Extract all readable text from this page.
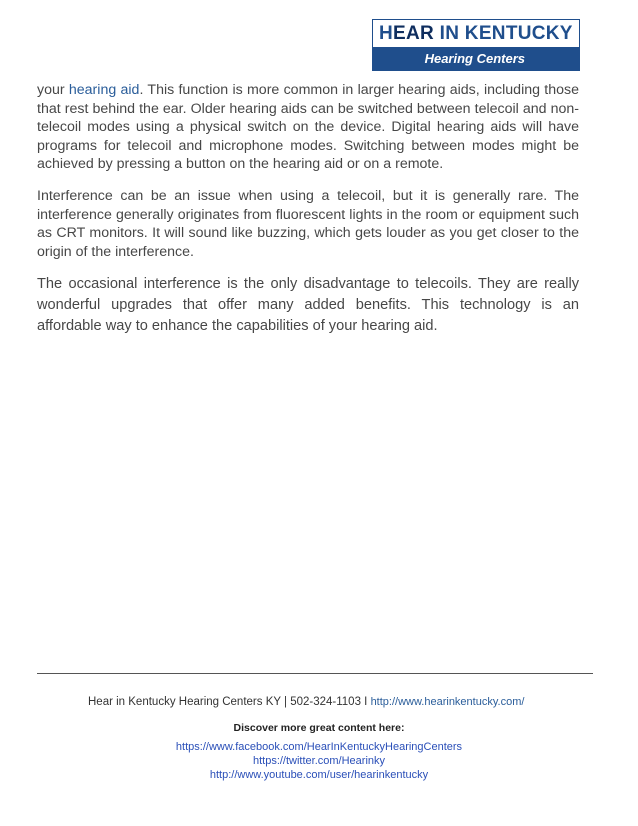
HEAR IN KENTUCKY
Hearing Centers

your hearing aid. This function is more common in larger hearing aids, including those that rest behind the ear. Older hearing aids can be switched between telecoil and non-telecoil modes using a physical switch on the device. Digital hearing aids will have programs for telecoil and microphone modes. Switching between modes might be achieved by pressing a button on the hearing aid or on a remote.

Interference can be an issue when using a telecoil, but it is generally rare. The interference generally originates from fluorescent lights in the room or equipment such as CRT monitors. It will sound like buzzing, which gets louder as you get closer to the origin of the interference.

The occasional interference is the only disadvantage to telecoils. They are really wonderful upgrades that offer many added benefits. This technology is an affordable way to enhance the capabilities of your hearing aid.

Hear in Kentucky Hearing Centers KY | 502-324-1103 I http://www.hearinkentucky.com/
Discover more great content here:
https://www.facebook.com/HearInKentuckyHearingCenters
https://twitter.com/Hearinky
http://www.youtube.com/user/hearinkentucky
